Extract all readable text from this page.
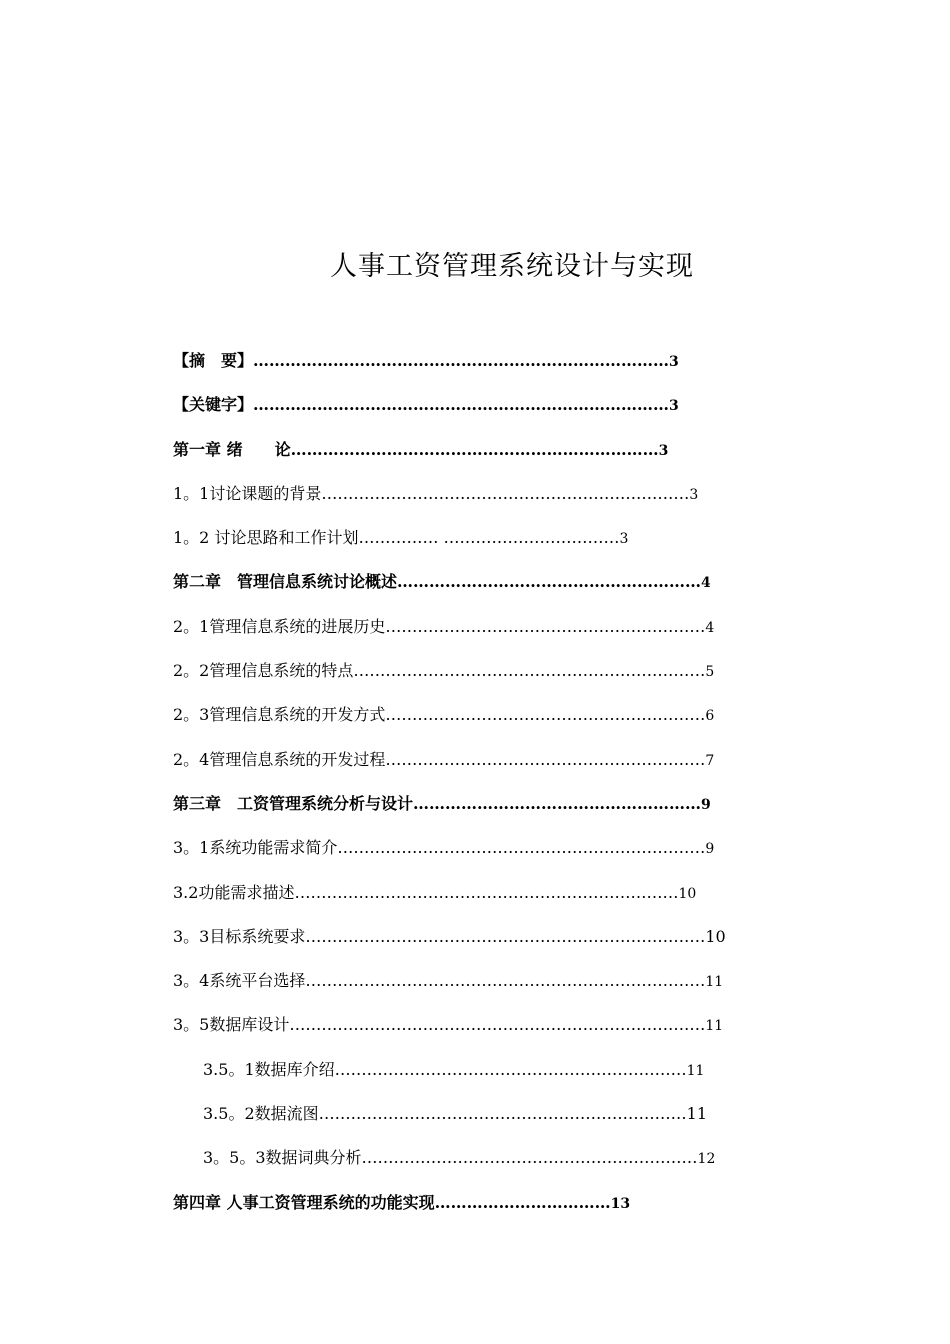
人事工资管理系统设计与实现
【摘　要】……………………………………………………………………3
【关键字】……………………………………………………………………3
第一章 绪　　论……………………………………………………………3
1。1讨论课题的背景……………………………………………………………3
1。2 讨论思路和工作计划…………… ……………………………3
第二章　管理信息系统讨论概述…………………………………………………4
2。1管理信息系统的进展历史……………………………………………………4
2。2管理信息系统的特点…………………………………………………………5
2。3管理信息系统的开发方式……………………………………………………6
2。4管理信息系统的开发过程……………………………………………………7
第三章　工资管理系统分析与设计………………………………………………9
3。1系统功能需求简介……………………………………………………………9
3.2功能需求描述………………………………………………………………10
3。3目标系统要求…………………………………………………………………10
3。4系统平台选择…………………………………………………………………11
3。5数据库设计……………………………………………………………………11
3.5。1数据库介绍…………………………………………………………11
3.5。2数据流图……………………………………………………………11
3。5。3数据词典分析………………………………………………………12
第四章 人事工资管理系统的功能实现……………………………13
